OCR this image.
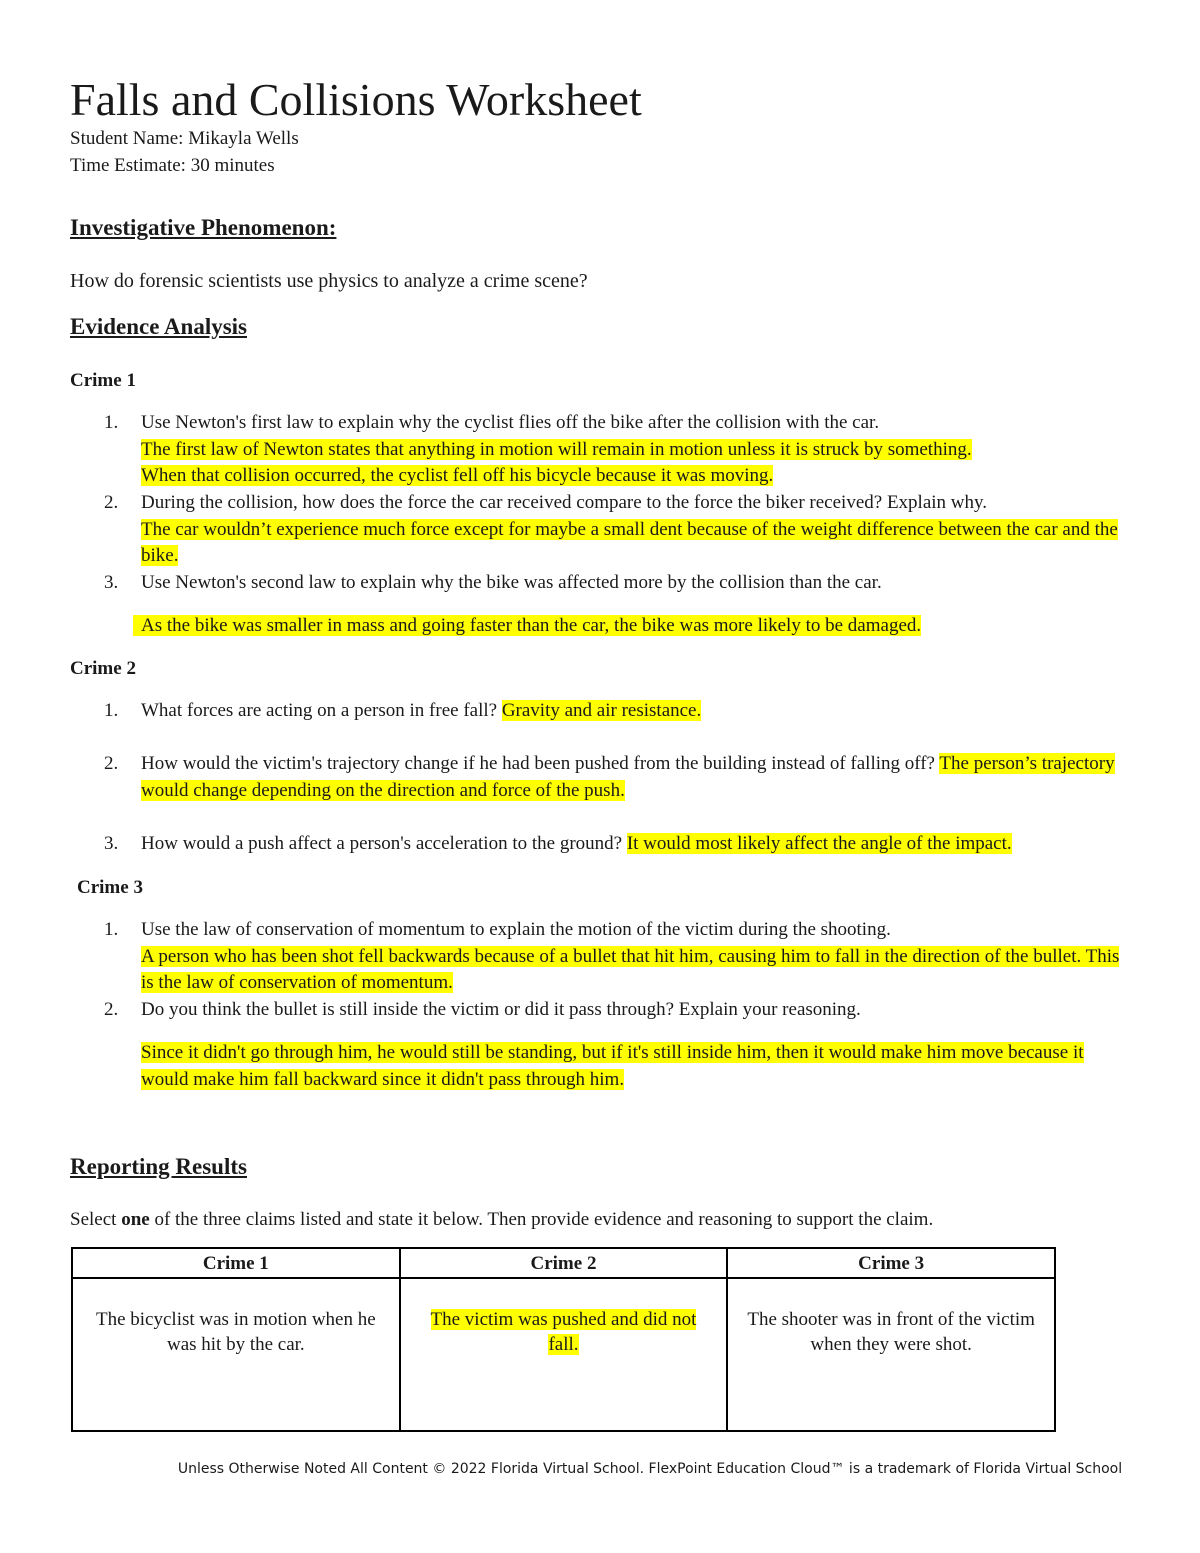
Falls and Collisions Worksheet
Student Name: Mikayla Wells
Time Estimate: 30 minutes
Investigative Phenomenon:
How do forensic scientists use physics to analyze a crime scene?
Evidence Analysis
Crime 1
1.	Use Newton's first law to explain why the cyclist flies off the bike after the collision with the car.
The first law of Newton states that anything in motion will remain in motion unless it is struck by something.
When that collision occurred, the cyclist fell off his bicycle because it was moving.
2.	During the collision, how does the force the car received compare to the force the biker received? Explain why.
The car wouldn’t experience much force except for maybe a small dent because of the weight difference between the car and the bike.
3.	Use Newton's second law to explain why the bike was affected more by the collision than the car.
As the bike was smaller in mass and going faster than the car, the bike was more likely to be damaged.
Crime 2
1.	What forces are acting on a person in free fall? Gravity and air resistance.
2.	How would the victim's trajectory change if he had been pushed from the building instead of falling off? The person’s trajectory would change depending on the direction and force of the push.
3.	How would a push affect a person's acceleration to the ground? It would most likely affect the angle of the impact.
Crime 3
1.	Use the law of conservation of momentum to explain the motion of the victim during the shooting.
A person who has been shot fell backwards because of a bullet that hit him, causing him to fall in the direction of the bullet. This is the law of conservation of momentum.
2.	Do you think the bullet is still inside the victim or did it pass through? Explain your reasoning.
Since it didn't go through him, he would still be standing, but if it's still inside him, then it would make him move because it would make him fall backward since it didn't pass through him.
Reporting Results
Select one of the three claims listed and state it below. Then provide evidence and reasoning to support the claim.
Crime 1	Crime 2	Crime 3
The bicyclist was in motion when he was hit by the car.	The victim was pushed and did not fall.	The shooter was in front of the victim when they were shot.
Unless Otherwise Noted All Content © 2022 Florida Virtual School. FlexPoint Education Cloud™ is a trademark of Florida Virtual School
